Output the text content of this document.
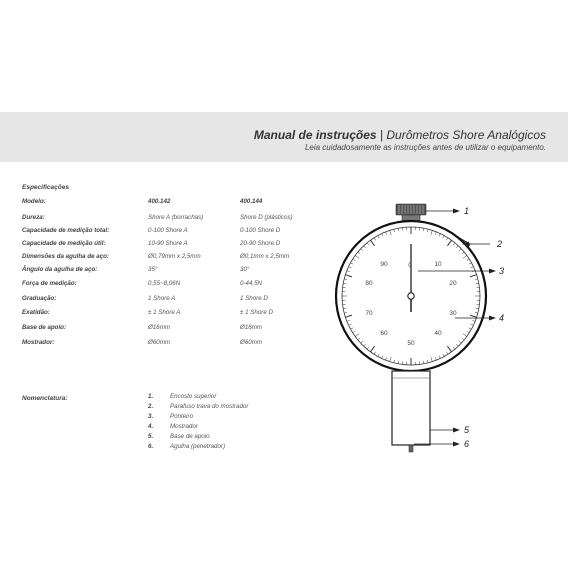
Manual de instruções | Durômetros Shore Analógicos
Leia cuidadosamente as instruções antes de utilizar o equipamento.
Especificações
Modelo:	400.142	400.144
Dureza:	Shore A (borrachas)	Shore D (plásticos)
Capacidade de medição total:	0-100 Shore A	0-100 Shore D
Capacidade de medição útil:	10-90 Shore A	20-90 Shore D
Dimensões da agulha de aço:	Ø0,79mm x 2,5mm	Ø0,1mm x 2,5mm
Ângulo da agulha de aço:	35°	30°
Força de medição:	0,55~8,06N	0-44,5N
Graduação:	1 Shore A	1 Shore D
Exatidão:	± 1 Shore A	± 1 Shore D
Base de apoio:	Ø16mm	Ø16mm
Mostrador:	Ø60mm	Ø60mm
Nomenclatura:	1.	Encosto superior
2.	Parafuso trava do mostrador
3.	Ponteiro
4.	Mostrador
5.	Base de apoio
6.	Agulha (penetrador)
0	10
20
30
40
50
60
70
80
90
1
2
3
4
5
6
